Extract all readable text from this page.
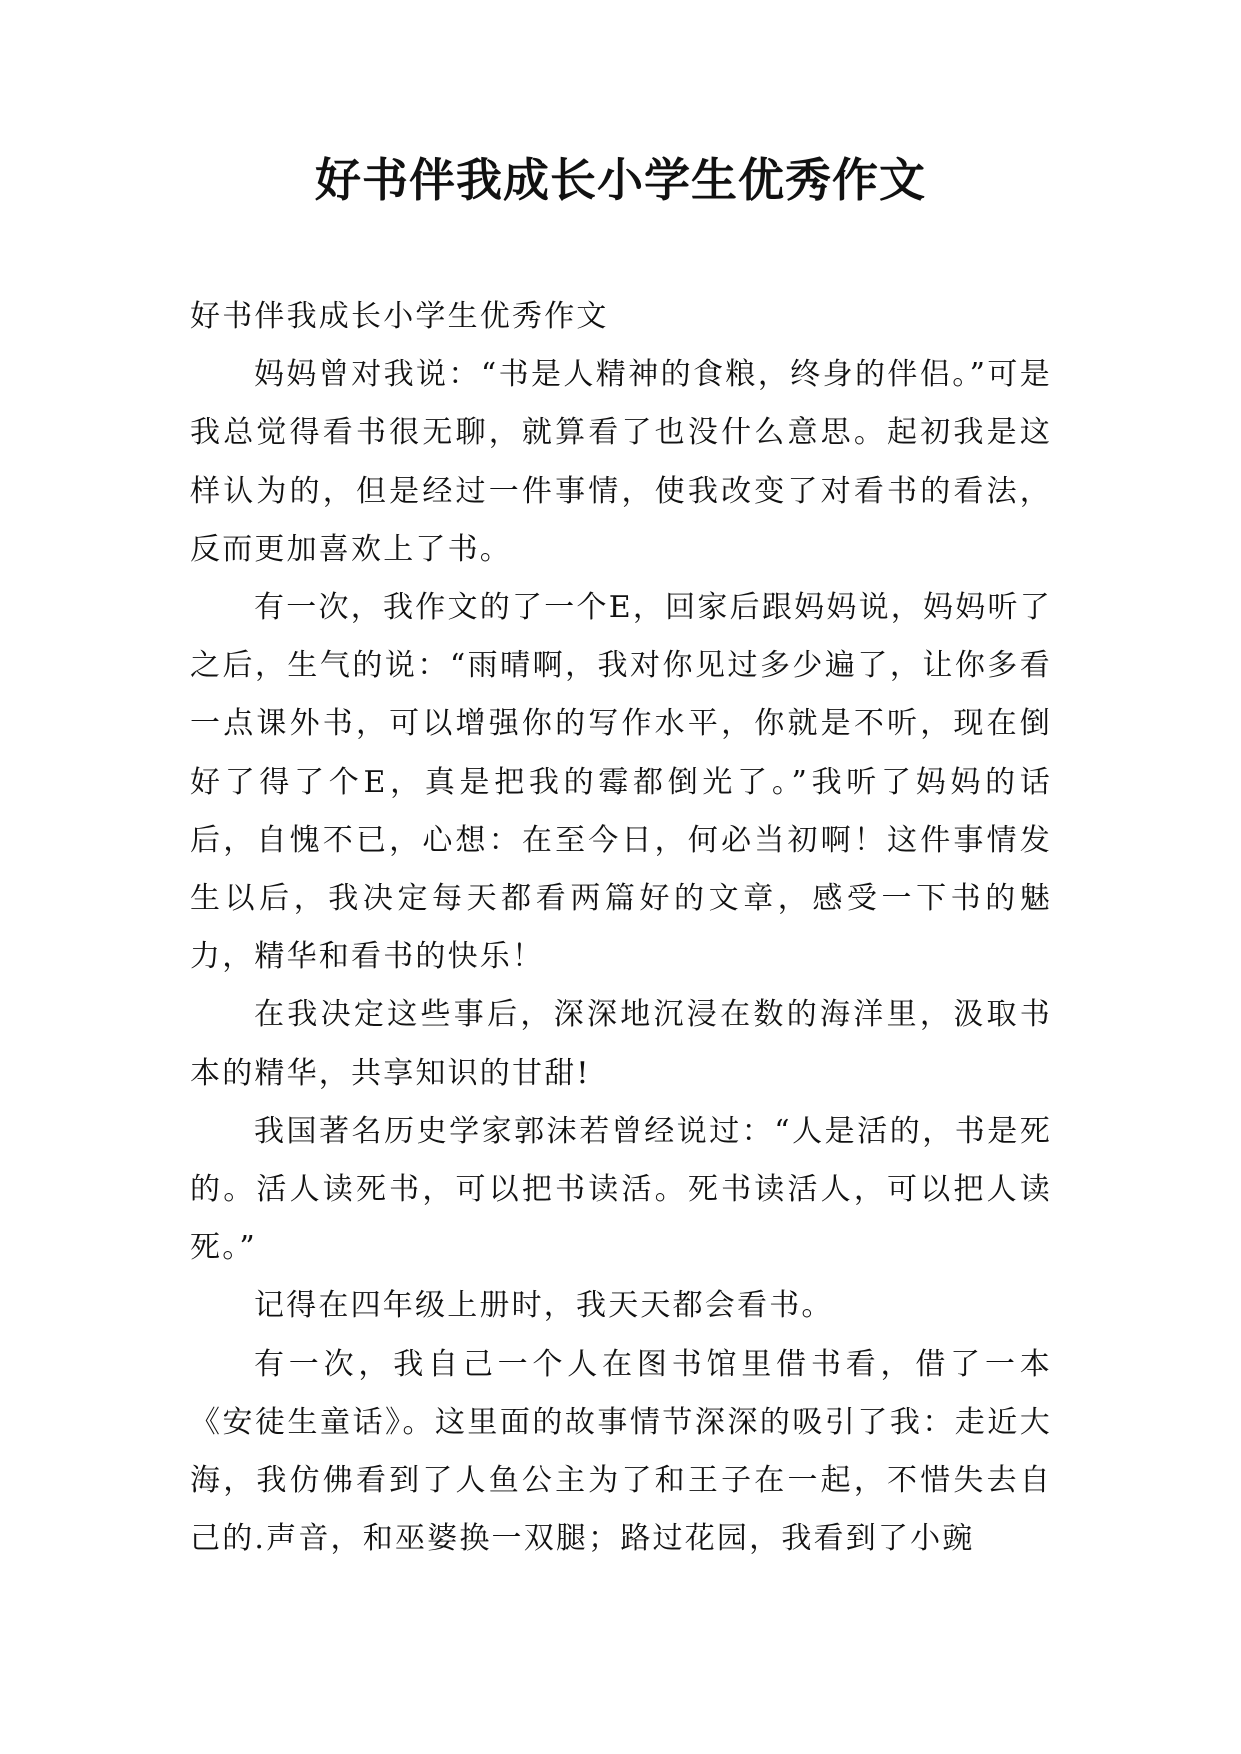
好书伴我成长小学生优秀作文

好书伴我成长小学生优秀作文

妈妈曾对我说：“书是人精神的食粮，终身的伴侣。”可是我总觉得看书很无聊，就算看了也没什么意思。起初我是这样认为的，但是经过一件事情，使我改变了对看书的看法，反而更加喜欢上了书。

有一次，我作文的了一个E，回家后跟妈妈说，妈妈听了之后，生气的说：“雨晴啊，我对你见过多少遍了，让你多看一点课外书，可以增强你的写作水平，你就是不听，现在倒好了得了个E，真是把我的霉都倒光了。”我听了妈妈的话后，自愧不已，心想：在至今日，何必当初啊！这件事情发生以后，我决定每天都看两篇好的文章，感受一下书的魅力，精华和看书的快乐！

在我决定这些事后，深深地沉浸在数的海洋里，汲取书本的精华，共享知识的甘甜!

我国著名历史学家郭沫若曾经说过：“人是活的，书是死的。活人读死书，可以把书读活。死书读活人，可以把人读死。”

记得在四年级上册时，我天天都会看书。

有一次，我自己一个人在图书馆里借书看，借了一本《安徒生童话》。这里面的故事情节深深的吸引了我：走近大海，我仿佛看到了人鱼公主为了和王子在一起，不惜失去自己的.声音，和巫婆换一双腿；路过花园，我看到了小豌
